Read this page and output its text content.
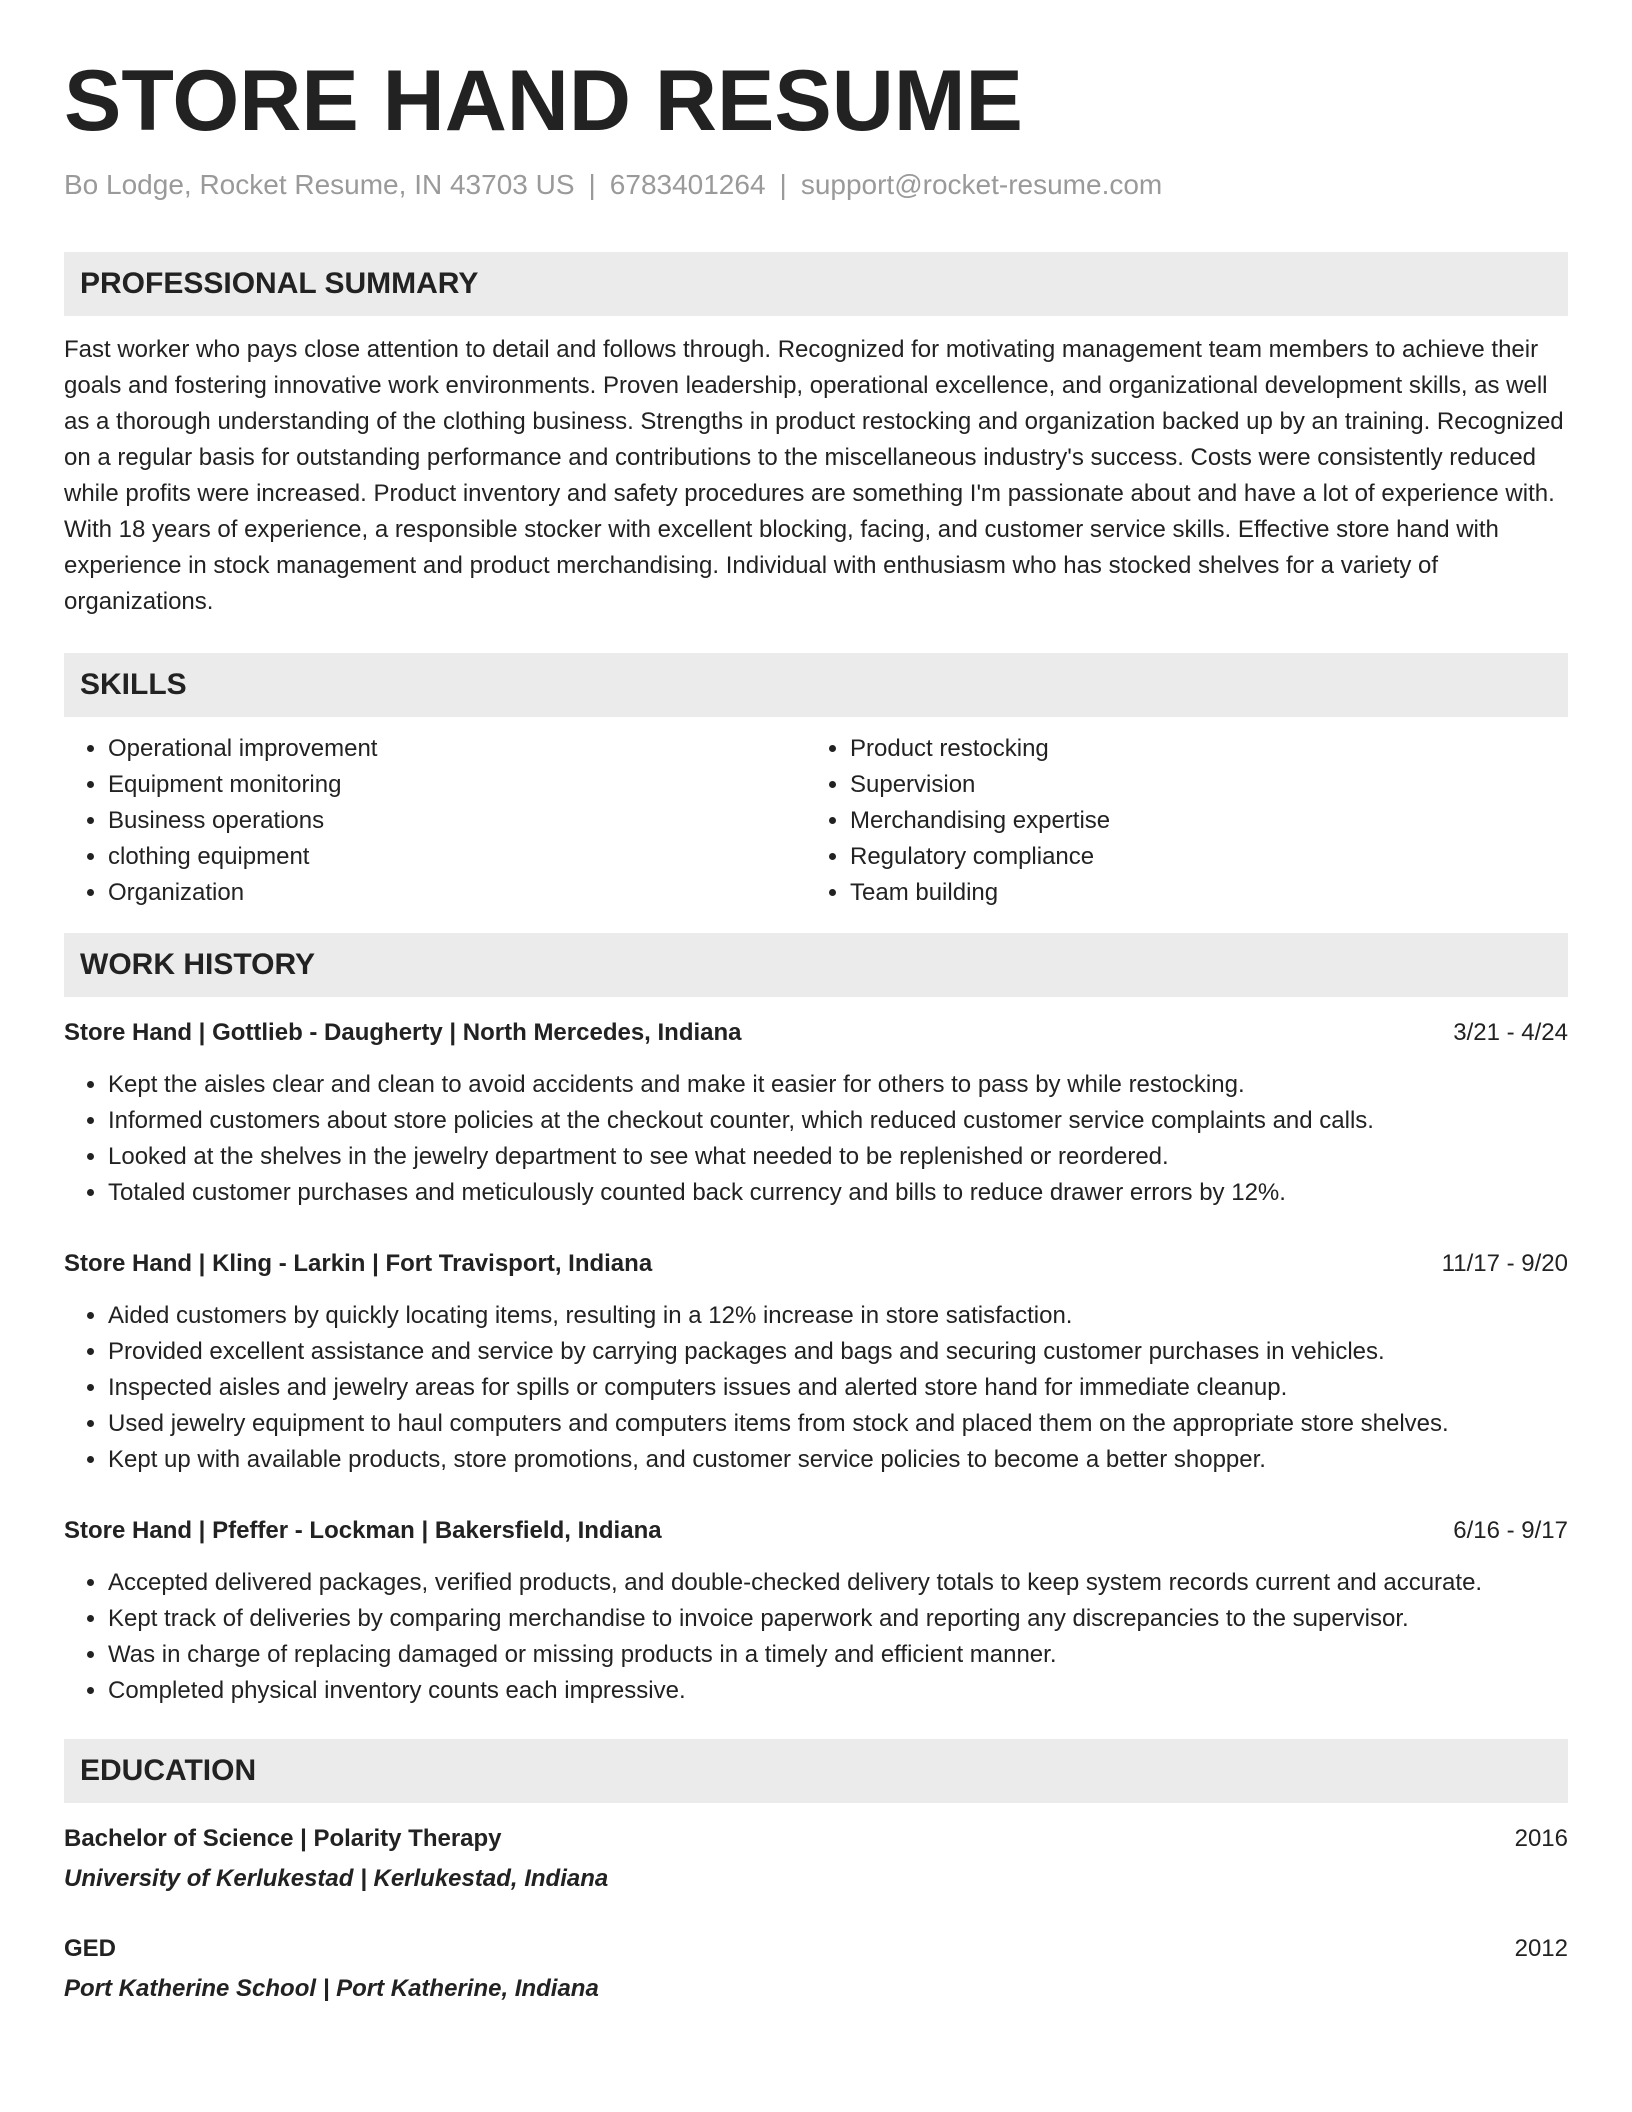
STORE HAND RESUME
Bo Lodge, Rocket Resume, IN 43703 US | 6783401264 | support@rocket-resume.com
PROFESSIONAL SUMMARY

Fast worker who pays close attention to detail and follows through. Recognized for motivating management team members to achieve their goals and fostering innovative work environments. Proven leadership, operational excellence, and organizational development skills, as well as a thorough understanding of the clothing business. Strengths in product restocking and organization backed up by an training. Recognized on a regular basis for outstanding performance and contributions to the miscellaneous industry's success. Costs were consistently reduced while profits were increased. Product inventory and safety procedures are something I'm passionate about and have a lot of experience with. With 18 years of experience, a responsible stocker with excellent blocking, facing, and customer service skills. Effective store hand with experience in stock management and product merchandising. Individual with enthusiasm who has stocked shelves for a variety of organizations.

SKILLS
• Operational improvement
• Equipment monitoring
• Business operations
• clothing equipment
• Organization
• Product restocking
• Supervision
• Merchandising expertise
• Regulatory compliance
• Team building
WORK HISTORY
Store Hand | Gottlieb - Daugherty | North Mercedes, Indiana	3/21 - 4/24
• Kept the aisles clear and clean to avoid accidents and make it easier for others to pass by while restocking.
• Informed customers about store policies at the checkout counter, which reduced customer service complaints and calls.
• Looked at the shelves in the jewelry department to see what needed to be replenished or reordered.
• Totaled customer purchases and meticulously counted back currency and bills to reduce drawer errors by 12%.
Store Hand | Kling - Larkin | Fort Travisport, Indiana	11/17 - 9/20
• Aided customers by quickly locating items, resulting in a 12% increase in store satisfaction.
• Provided excellent assistance and service by carrying packages and bags and securing customer purchases in vehicles.
• Inspected aisles and jewelry areas for spills or computers issues and alerted store hand for immediate cleanup.
• Used jewelry equipment to haul computers and computers items from stock and placed them on the appropriate store shelves.
• Kept up with available products, store promotions, and customer service policies to become a better shopper.
Store Hand | Pfeffer - Lockman | Bakersfield, Indiana	6/16 - 9/17
• Accepted delivered packages, verified products, and double-checked delivery totals to keep system records current and accurate.
• Kept track of deliveries by comparing merchandise to invoice paperwork and reporting any discrepancies to the supervisor.
• Was in charge of replacing damaged or missing products in a timely and efficient manner.
• Completed physical inventory counts each impressive.
EDUCATION
Bachelor of Science | Polarity Therapy	2016
University of Kerlukestad | Kerlukestad, Indiana
GED	2012
Port Katherine School | Port Katherine, Indiana
